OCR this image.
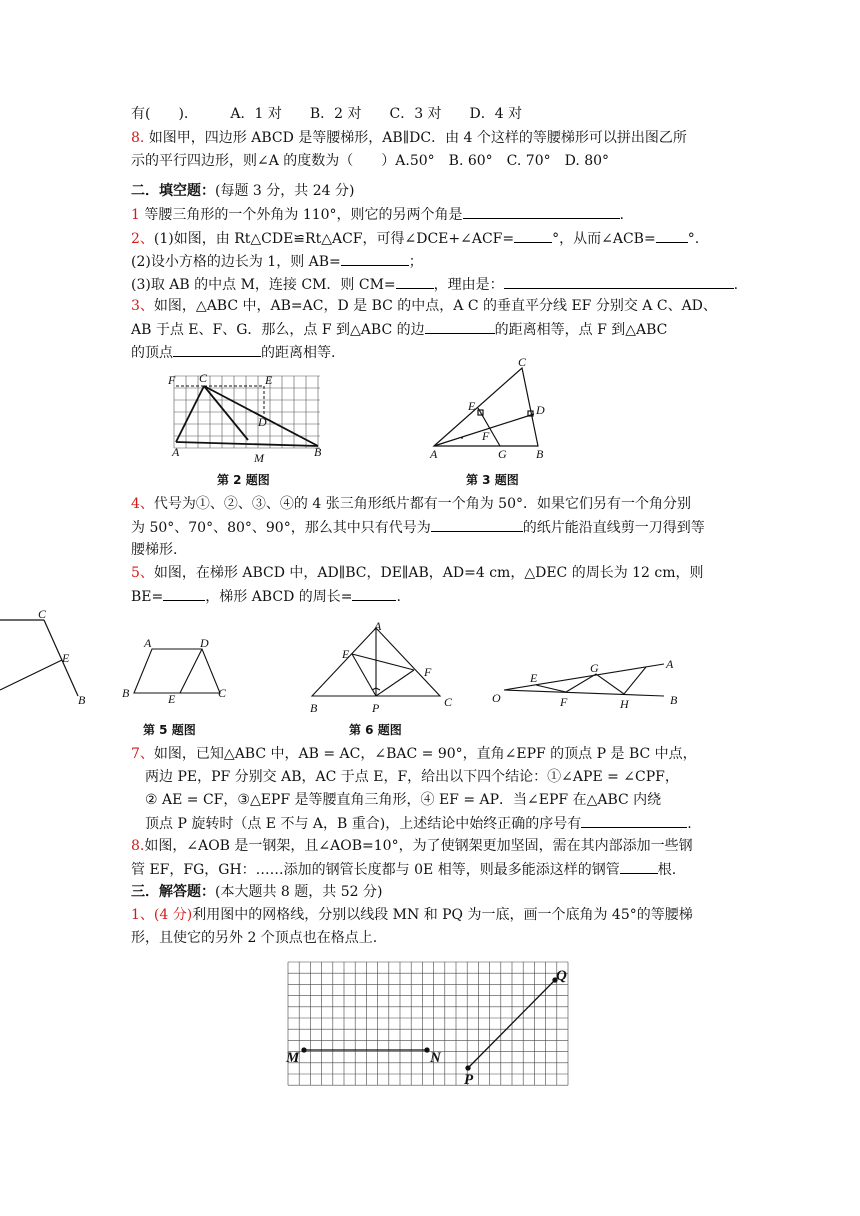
有(　　).　　　A．1 对　　B．2 对　　C．3 对　　D．4 对
8. 如图甲，四边形 ABCD 是等腰梯形，AB∥DC．由 4 个这样的等腰梯形可以拼出图乙所
示的平行四边形，则∠A 的度数为（　　）A.50°　B. 60°　C. 70°　D. 80°
二．填空题：(每题 3 分，共 24 分)
1 等腰三角形的一个外角为 110°，则它的另两个角是	.
2、(1)如图，由 Rt△CDE≌Rt△ACF，可得∠DCE+∠ACF=	°，从而∠ACB= °.
(2)设小方格的边长为 1，则 AB=	；
(3)取 AB 的中点 M，连接 CM．则 CM=	，理由是：	.
3、如图，△ABC 中，AB=AC，D 是 BC 的中点，A C 的垂直平分线 EF 分别交 A C、AD、
AB 于点 E、F、G．那么，点 F 到△ABC 的边	的距离相等，点 F 到△ABC
的顶点	的距离相等.
F C	E
D
A	B
M
第 2 题图
C
E	D
F
A	G B
第 3 题图
4、代号为①、②、③、④的 4 张三角形纸片都有一个角为 50°．如果它们另有一个角分别
为 50°、70°、80°、90°，那么其中只有代号为	的纸片能沿直线剪一刀得到等
腰梯形.
5、如图，在梯形 ABCD 中，AD∥BC，DE∥AB，AD=4 cm，△DEC 的周长为 12 cm，则
BE=	，梯形 ABCD 的周长=	.
C
E
B
A	D
B	E	C
第 5 题图
A
E
F
B	P	C
第 6 题图
A
G
E
O	F	H	B
7、如图，已知△ABC 中，AB = AC，∠BAC = 90°，直角∠EPF 的顶点 P 是 BC 中点，
两边 PE，PF 分别交 AB，AC 于点 E，F，给出以下四个结论：①∠APE = ∠CPF，
② AE = CF，③△EPF 是等腰直角三角形，④ EF = AP．当∠EPF 在△ABC 内绕
顶点 P 旋转时（点 E 不与 A，B 重合)，上述结论中始终正确的序号有	.
8.如图，∠AOB 是一钢架，且∠AOB=10°，为了使钢架更加坚固，需在其内部添加一些钢
管 EF，FG，GH：……添加的钢管长度都与 0E 相等，则最多能添这样的钢管	根.
三．解答题：(本大题共 8 题，共 52 分)
1、(4 分)利用图中的网格线，分别以线段 MN 和 PQ 为一底，画一个底角为 45°的等腰梯
形，且使它的另外 2 个顶点也在格点上.
M	N
P
Q
